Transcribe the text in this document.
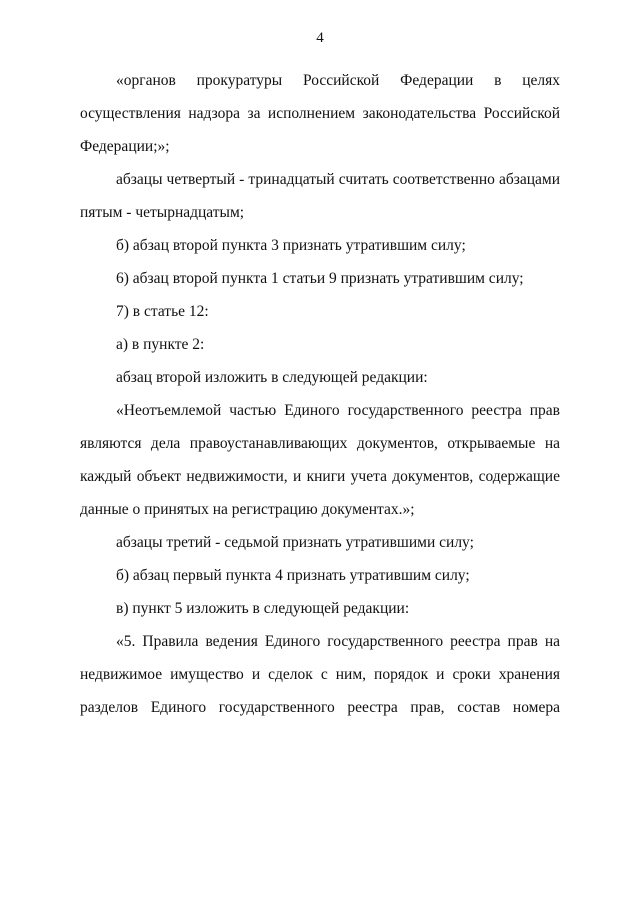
4

«органов прокуратуры Российской Федерации в целях осуществления надзора за исполнением законодательства Российской Федерации;»;

абзацы четвертый - тринадцатый считать соответственно абзацами пятым - четырнадцатым;

б) абзац второй пункта 3 признать утратившим силу;

6) абзац второй пункта 1 статьи 9 признать утратившим силу;

7) в статье 12:

а) в пункте 2:

абзац второй изложить в следующей редакции:

«Неотъемлемой частью Единого государственного реестра прав являются дела правоустанавливающих документов, открываемые на каждый объект недвижимости, и книги учета документов, содержащие данные о принятых на регистрацию документах.»;

абзацы третий - седьмой признать утратившими силу;

б) абзац первый пункта 4 признать утратившим силу;

в) пункт 5 изложить в следующей редакции:

«5. Правила ведения Единого государственного реестра прав на недвижимое имущество и сделок с ним, порядок и сроки хранения разделов Единого государственного реестра прав, состав номера
